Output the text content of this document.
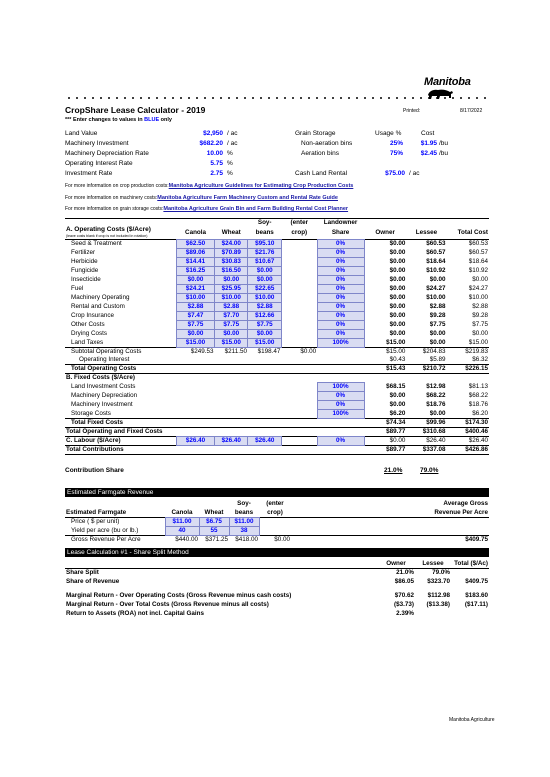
Manitoba
CropShare Lease Calculator - 2019	Printed:	8/17/2022
*** Enter changes to values in BLUE only
Land Value	$2,950 / ac	Grain Storage	Usage %	Cost
Machinery Investment	$682.20 / ac	Non-aeration bins	25%	$1.95 /bu
Machinery Depreciation Rate	10.00 %	Aeration bins	75%	$2.45 /bu
Operating Interest Rate	5.75 %
Investment Rate	2.75 %	Cash Land Rental	$75.00 / ac
For more information on crop production costs:Manitoba Agriculture Guidelines for Estimating Crop Production Costs
For more information on machinery costs:Manitoba Agriculture Farm Machinery Custom and Rental Rate Guide
For more information on grain storage costs:Manitoba Agriculture Grain Bin and Farm Building Rental Cost Planner
			Soy-	(enter	Landowner			
A. Operating Costs ($/Acre)
(leave costs blank if crop is not included in rotation)	Canola	Wheat	beans	crop)	Share	Owner	Lessee	Total Cost
Seed & Treatment	$62.50	$24.00	$95.10		0%	$0.00	$60.53	$60.53
Fertilizer	$89.06	$70.89	$21.76		0%	$0.00	$60.57	$60.57
Herbicide	$14.41	$30.83	$10.67		0%	$0.00	$18.64	$18.64
Fungicide	$16.25	$16.50	$0.00		0%	$0.00	$10.92	$10.92
Insecticide	$0.00	$0.00	$0.00		0%	$0.00	$0.00	$0.00
Fuel	$24.21	$25.95	$22.65		0%	$0.00	$24.27	$24.27
Machinery Operating	$10.00	$10.00	$10.00		0%	$0.00	$10.00	$10.00
Rental and Custom	$2.88	$2.88	$2.88		0%	$0.00	$2.88	$2.88
Crop Insurance	$7.47	$7.70	$12.66		0%	$0.00	$9.28	$9.28
Other Costs	$7.75	$7.75	$7.75		0%	$0.00	$7.75	$7.75
Drying Costs	$0.00	$0.00	$0.00		0%	$0.00	$0.00	$0.00
Land Taxes	$15.00	$15.00	$15.00		100%	$15.00	$0.00	$15.00
Subtotal Operating Costs	$249.53	$211.50	$198.47	$0.00		$15.00	$204.83	$219.83
Operating Interest						$0.43	$5.89	$6.32
Total Operating Costs						$15.43	$210.72	$226.15
B. Fixed Costs ($/Acre)								
Land Investment Costs					100%	$68.15	$12.98	$81.13
Machinery Depreciation					0%	$0.00	$68.22	$68.22
Machinery Investment					0%	$0.00	$18.76	$18.76
Storage Costs					100%	$6.20	$0.00	$6.20
Total Fixed Costs						$74.34	$99.96	$174.30
Total Operating and Fixed Costs						$89.77	$310.68	$400.46
C. Labour ($/Acre)	$26.40	$26.40	$26.40		0%	$0.00	$26.40	$26.40
Total Contributions						$89.77	$337.08	$426.86
Contribution Share	21.0%	79.0%
Estimated Farmgate Revenue
			Soy-	(enter		Average Gross
Estimated Farmgate	Canola	Wheat	beans	crop)		Revenue Per Acre
Price ( $ per unit)	$11.00	$6.75	$11.00			
Yield per acre (bu or lb.)	40	55	38			
Gross Revenue Per Acre	$440.00	$371.25	$418.00	$0.00		$409.75
Lease Calculation #1 - Share Split Method
	Owner	Lessee	Total ($/Ac)
Share Split	21.0%	79.0%	
Share of Revenue	$86.05	$323.70	$409.75

Marginal Return - Over Operating Costs (Gross Revenue minus cash costs)	$70.62	$112.98	$183.60
Marginal Return - Over Total Costs (Gross Revenue minus all costs)	($3.73)	($13.38)	($17.11)
Return to Assets (ROA) not incl. Capital Gains	2.39%		
Manitoba Agriculture
